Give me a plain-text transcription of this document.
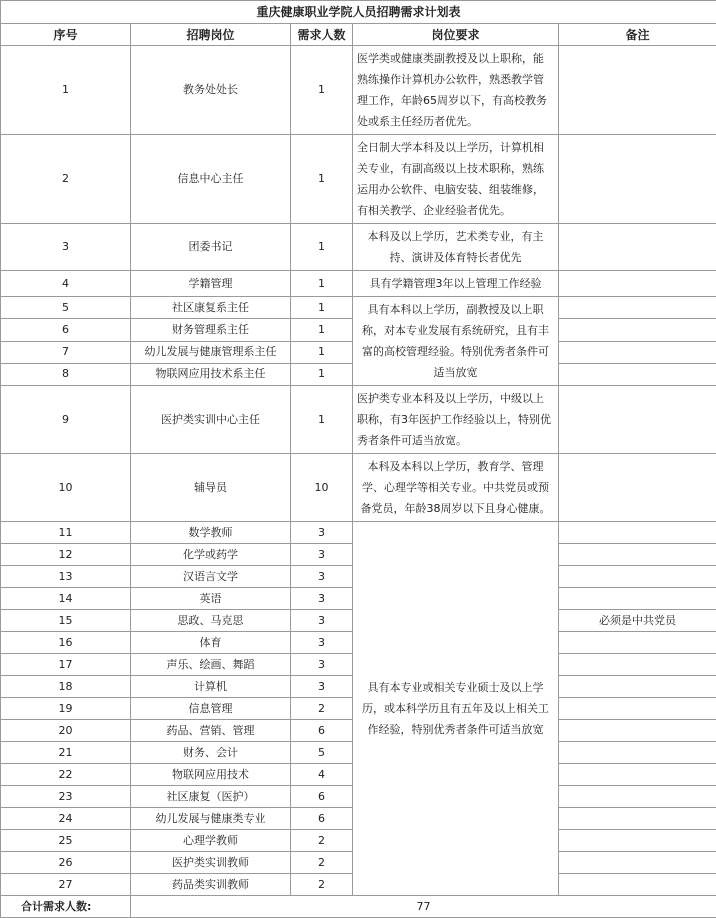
重庆健康职业学院人员招聘需求计划表				
序号	招聘岗位	需求人数	岗位要求	备注
1	教务处处长	1	医学类或健康类副教授及以上职称，能熟练操作计算机办公软件，熟悉教学管理工作，年龄65周岁以下，有高校教务处或系主任经历者优先。	
2	信息中心主任	1	全日制大学本科及以上学历，计算机相关专业，有副高级以上技术职称，熟练运用办公软件、电脑安装、组装维修，有相关教学、企业经验者优先。	
3	团委书记	1	本科及以上学历，艺术类专业，有主持、演讲及体育特长者优先	
4	学籍管理	1	具有学籍管理3年以上管理工作经验	
5	社区康复系主任	1	具有本科以上学历，副教授及以上职称，对本专业发展有系统研究，且有丰富的高校管理经验。特别优秀者条件可适当放宽	
6	财务管理系主任	1		
7	幼儿发展与健康管理系主任	1		
8	物联网应用技术系主任	1		
9	医护类实训中心主任	1	医护类专业本科及以上学历，中级以上职称，有3年医护工作经验以上，特别优秀者条件可适当放宽。	
10	辅导员	10	本科及本科以上学历，教育学、管理学、心理学等相关专业。中共党员或预备党员，年龄38周岁以下且身心健康。	
11	数学教师	3	具有本专业或相关专业硕士及以上学历，或本科学历且有五年及以上相关工作经验，特别优秀者条件可适当放宽	
12	化学或药学	3		
13	汉语言文学	3		
14	英语	3		
15	思政、马克思	3		必须是中共党员
16	体育	3		
17	声乐、绘画、舞蹈	3		
18	计算机	3		
19	信息管理	2		
20	药品、营销、管理	6		
21	财务、会计	5		
22	物联网应用技术	4		
23	社区康复（医护）	6		
24	幼儿发展与健康类专业	6		
25	心理学教师	2		
26	医护类实训教师	2		
27	药品类实训教师	2		
合计需求人数:	77			
